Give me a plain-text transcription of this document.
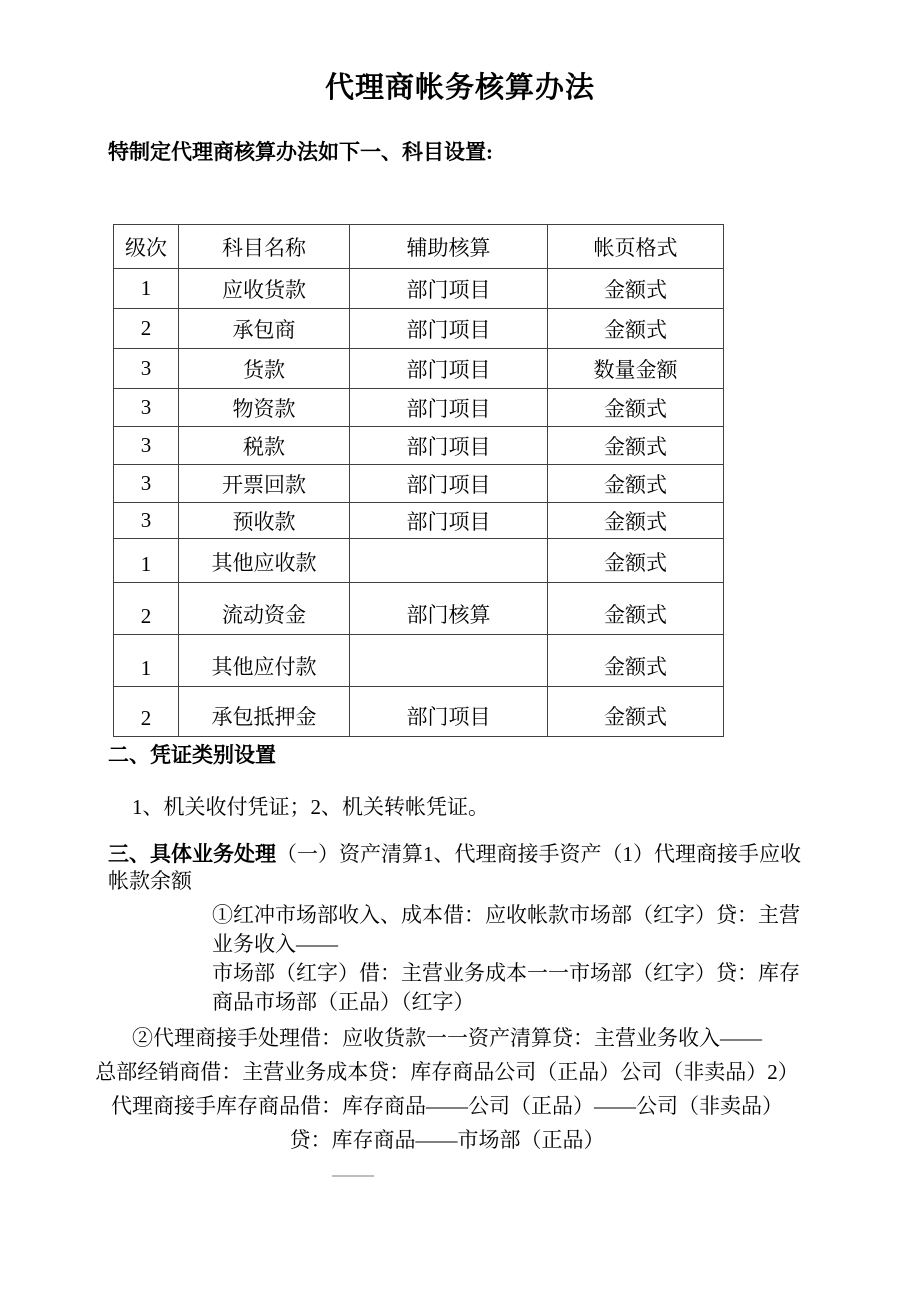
代理商帐务核算办法

特制定代理商核算办法如下一、科目设置:

级次	科目名称	辅助核算	帐页格式
1	应收货款	部门项目	金额式
2	承包商	部门项目	金额式
3	货款	部门项目	数量金额
3	物资款	部门项目	金额式
3	税款	部门项目	金额式
3	开票回款	部门项目	金额式
3	预收款	部门项目	金额式
1	其他应收款		金额式
2	流动资金	部门核算	金额式
1	其他应付款		金额式
2	承包抵押金	部门项目	金额式
二、凭证类别设置

1、机关收付凭证；2、机关转帐凭证。

三、具体业务处理（一）资产清算1、代理商接手资产（1）代理商接手应收帐款余额

①红冲市场部收入、成本借：应收帐款市场部（红字）贷：主营业务收入——
市场部（红字）借：主营业务成本一一市场部（红字）贷：库存商品市场部（正品）（红字）
②代理商接手处理借：应收货款一一资产清算贷：主营业务收入——
总部经销商借：主营业务成本贷：库存商品公司（正品）公司（非卖品）2）
代理商接手库存商品借：库存商品——公司（正品）——公司（非卖品）
贷：库存商品——市场部（正品）
——
